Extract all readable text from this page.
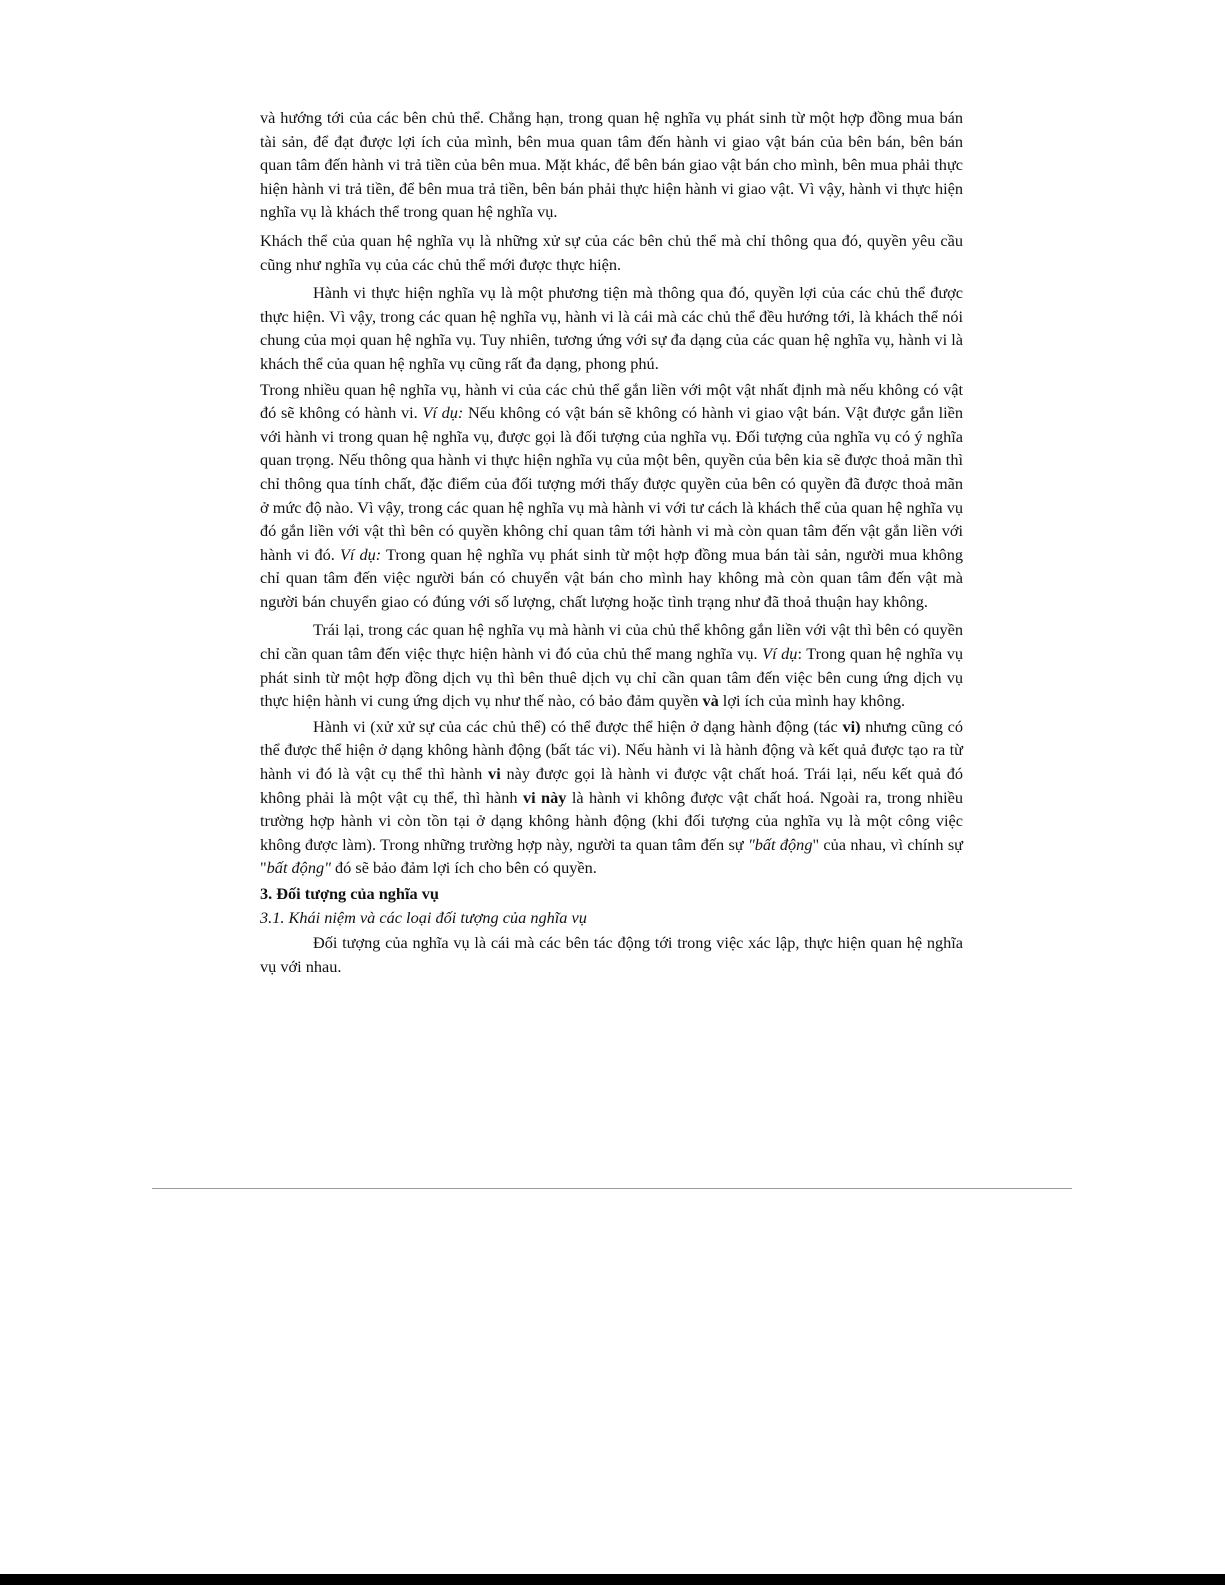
và hướng tới của các bên chủ thể. Chẳng hạn, trong quan hệ nghĩa vụ phát sinh từ một hợp đồng mua bán tài sản, để đạt được lợi ích của mình, bên mua quan tâm đến hành vi giao vật bán của bên bán, bên bán quan tâm đến hành vi trả tiền của bên mua. Mặt khác, để bên bán giao vật bán cho mình, bên mua phải thực hiện hành vi trả tiền, để bên mua trả tiền, bên bán phải thực hiện hành vi giao vật. Vì vậy, hành vi thực hiện nghĩa vụ là khách thể trong quan hệ nghĩa vụ.

Khách thể của quan hệ nghĩa vụ là những xử sự của các bên chủ thể mà chỉ thông qua đó, quyền yêu cầu cũng như nghĩa vụ của các chủ thể mới được thực hiện.

Hành vi thực hiện nghĩa vụ là một phương tiện mà thông qua đó, quyền lợi của các chủ thể được thực hiện. Vì vậy, trong các quan hệ nghĩa vụ, hành vi là cái mà các chủ thể đều hướng tới, là khách thể nói chung của mọi quan hệ nghĩa vụ. Tuy nhiên, tương ứng với sự đa dạng của các quan hệ nghĩa vụ, hành vi là khách thể của quan hệ nghĩa vụ cũng rất đa dạng, phong phú.

Trong nhiều quan hệ nghĩa vụ, hành vi của các chủ thể gắn liền với một vật nhất định mà nếu không có vật đó sẽ không có hành vi. Ví dụ: Nếu không có vật bán sẽ không có hành vi giao vật bán. Vật được gắn liền với hành vi trong quan hệ nghĩa vụ, được gọi là đối tượng của nghĩa vụ. Đối tượng của nghĩa vụ có ý nghĩa quan trọng. Nếu thông qua hành vi thực hiện nghĩa vụ của một bên, quyền của bên kia sẽ được thoả mãn thì chỉ thông qua tính chất, đặc điểm của đối tượng mới thấy được quyền của bên có quyền đã được thoả mãn ở mức độ nào. Vì vậy, trong các quan hệ nghĩa vụ mà hành vi với tư cách là khách thể của quan hệ nghĩa vụ đó gắn liền với vật thì bên có quyền không chỉ quan tâm tới hành vi mà còn quan tâm đến vật gắn liền với hành vi đó. Ví dụ: Trong quan hệ nghĩa vụ phát sinh từ một hợp đồng mua bán tài sản, người mua không chỉ quan tâm đến việc người bán có chuyển vật bán cho mình hay không mà còn quan tâm đến vật mà người bán chuyển giao có đúng với số lượng, chất lượng hoặc tình trạng như đã thoả thuận hay không.

Trái lại, trong các quan hệ nghĩa vụ mà hành vi của chủ thể không gắn liền với vật thì bên có quyền chỉ cần quan tâm đến việc thực hiện hành vi đó của chủ thể mang nghĩa vụ. Ví dụ: Trong quan hệ nghĩa vụ phát sinh từ một hợp đồng dịch vụ thì bên thuê dịch vụ chỉ cần quan tâm đến việc bên cung ứng dịch vụ thực hiện hành vi cung ứng dịch vụ như thế nào, có bảo đảm quyền và lợi ích của mình hay không.

Hành vi (xử xử sự của các chủ thể) có thể được thể hiện ở dạng hành động (tác vi) nhưng cũng có thể được thể hiện ở dạng không hành động (bất tác vi). Nếu hành vi là hành động và kết quả được tạo ra từ hành vi đó là vật cụ thể thì hành vi này được gọi là hành vi được vật chất hoá. Trái lại, nếu kết quả đó không phải là một vật cụ thể, thì hành vi này là hành vi không được vật chất hoá. Ngoài ra, trong nhiều trường hợp hành vi còn tồn tại ở dạng không hành động (khi đối tượng của nghĩa vụ là một công việc không được làm). Trong những trường hợp này, người ta quan tâm đến sự "bất động" của nhau, vì chính sự "bất động" đó sẽ bảo đảm lợi ích cho bên có quyền.

3. Đối tượng của nghĩa vụ

3.1. Khái niệm và các loại đối tượng của nghĩa vụ

Đối tượng của nghĩa vụ là cái mà các bên tác động tới trong việc xác lập, thực hiện quan hệ nghĩa vụ với nhau.
